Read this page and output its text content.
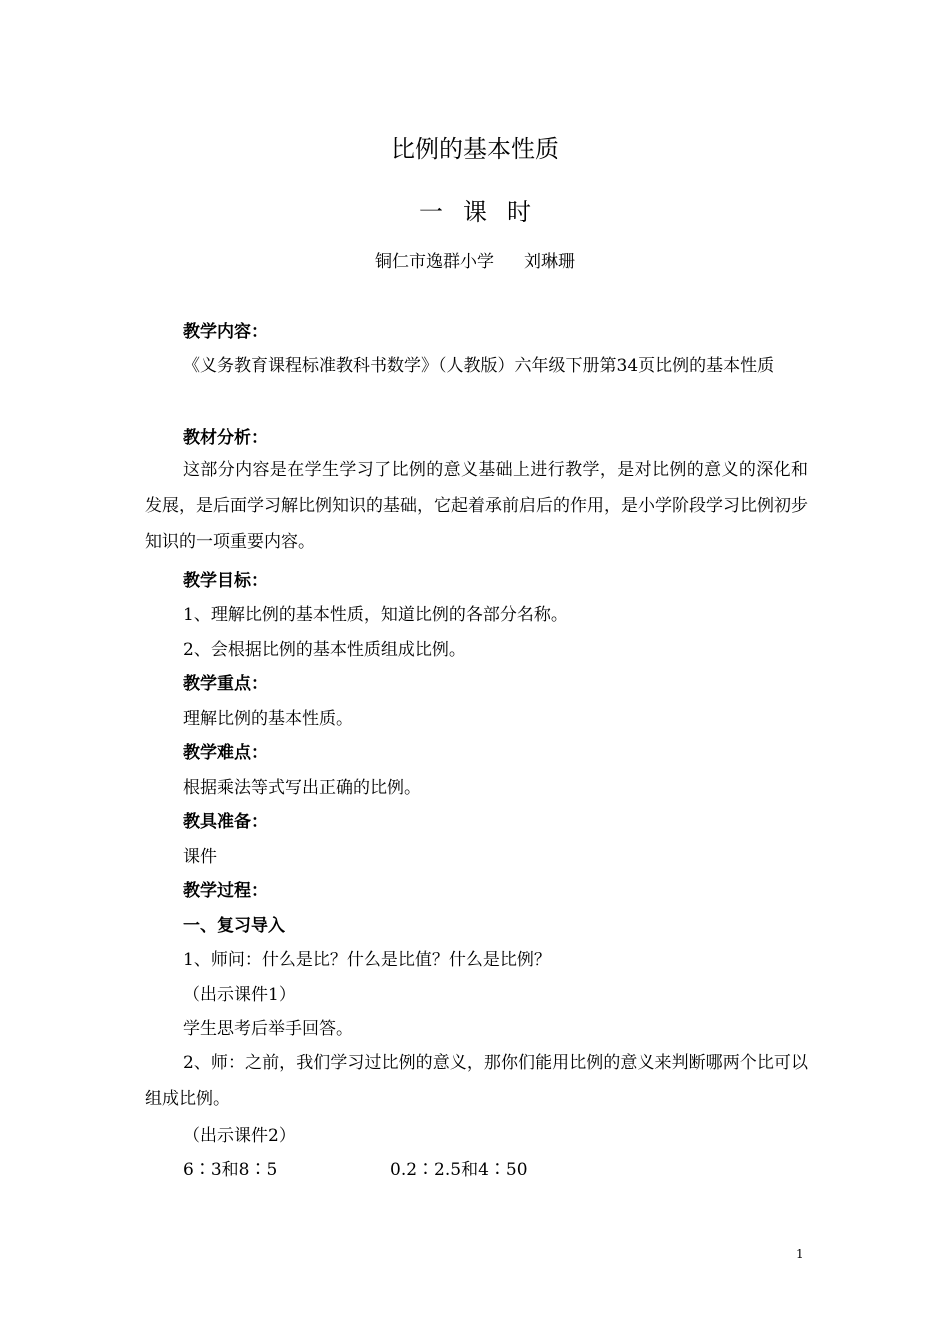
比例的基本性质
一课时
铜仁市逸群小学 刘琳珊
教学内容：
《义务教育课程标准教科书数学》（人教版）六年级下册第34页比例的基本性质
教材分析：
这部分内容是在学生学习了比例的意义基础上进行教学，是对比例的意义的深化和发展，是后面学习解比例知识的基础，它起着承前启后的作用，是小学阶段学习比例初步知识的一项重要内容。
教学目标：
1、理解比例的基本性质，知道比例的各部分名称。
2、会根据比例的基本性质组成比例。
教学重点：
理解比例的基本性质。
教学难点：
根据乘法等式写出正确的比例。
教具准备：
课件
教学过程：
一、复习导入
1、师问：什么是比？什么是比值？什么是比例？
（出示课件1）
学生思考后举手回答。
2、师：之前，我们学习过比例的意义，那你们能用比例的意义来判断哪两个比可以组成比例。
（出示课件2）
6∶3和8∶5	0.2∶2.5和4∶50
1
